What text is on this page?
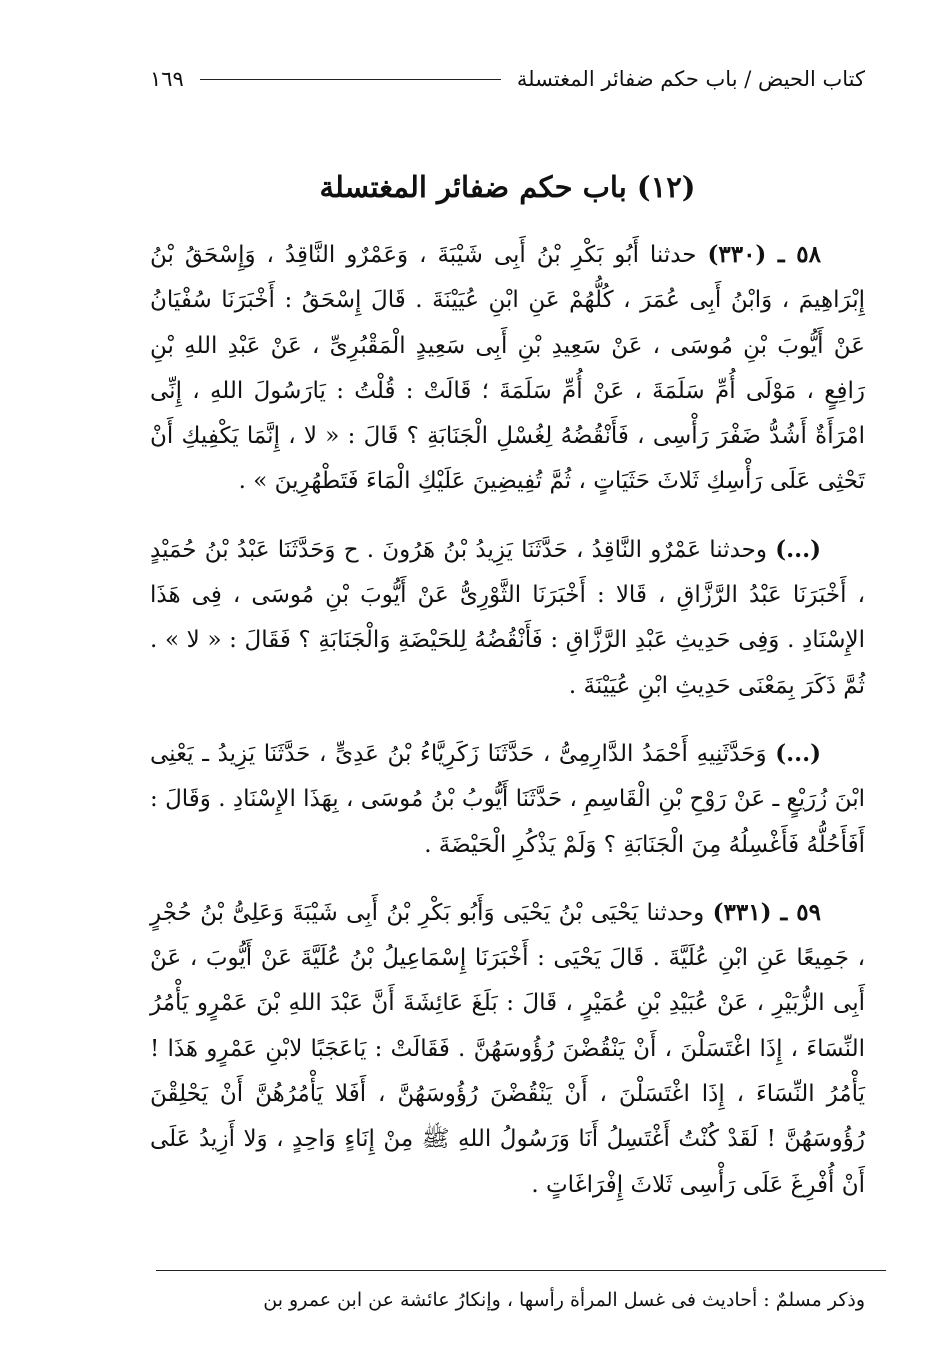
كتاب الحيض / باب حكم ضفائر المغتسلة
١٦٩
(١٢) باب حكم ضفائر المغتسلة

٥٨ ـ (٣٣٠) حدثنا أَبُو بَكْرِ بْنُ أَبِى شَيْبَةَ ، وَعَمْرٌو النَّاقِدُ ، وَإِسْحَقُ بْنُ إِبْرَاهِيمَ ، وَابْنُ أَبِى عُمَرَ ، كُلُّهُمْ عَنِ ابْنِ عُيَيْنَةَ . قَالَ إِسْحَقُ : أَخْبَرَنَا سُفْيَانُ عَنْ أَيُّوبَ بْنِ مُوسَى ، عَنْ سَعِيدِ بْنِ أَبِى سَعِيدٍ الْمَقْبُرِىِّ ، عَنْ عَبْدِ اللهِ بْنِ رَافِعٍ ، مَوْلَى أُمِّ سَلَمَةَ ، عَنْ أُمِّ سَلَمَةَ ؛ قَالَتْ : قُلْتُ : يَارَسُولَ اللهِ ، إِنِّى امْرَأَةٌ أَشُدُّ ضَفْرَ رَأْسِى ، فَأَنْقُضُهُ لِغُسْلِ الْجَنَابَةِ ؟ قَالَ : « لا ، إِنَّمَا يَكْفِيكِ أَنْ تَحْثِى عَلَى رَأْسِكِ ثَلاثَ حَثَيَاتٍ ، ثُمَّ تُفِيضِينَ عَلَيْكِ الْمَاءَ فَتَطْهُرِينَ » .

(...) وحدثنا عَمْرٌو النَّاقِدُ ، حَدَّثَنَا يَزِيدُ بْنُ هَرُونَ . ح وَحَدَّثَنَا عَبْدُ بْنُ حُمَيْدٍ ، أَخْبَرَنَا عَبْدُ الرَّزَّاقِ ، قَالا : أَخْبَرَنَا الثَّوْرِىُّ عَنْ أَيُّوبَ بْنِ مُوسَى ، فِى هَذَا الإِسْنَادِ . وَفِى حَدِيثِ عَبْدِ الرَّزَّاقِ : فَأَنْقُضُهُ لِلحَيْضَةِ وَالْجَنَابَةِ ؟ فَقَالَ : « لا » . ثُمَّ ذَكَرَ بِمَعْنَى حَدِيثِ ابْنِ عُيَيْنَةَ .

(...) وَحَدَّثَنِيهِ أَحْمَدُ الدَّارِمِىُّ ، حَدَّثَنَا زَكَرِيَّاءُ بْنُ عَدِىٍّ ، حَدَّثَنَا يَزِيدُ ـ يَعْنِى ابْنَ زُرَيْعٍ ـ عَنْ رَوْحِ بْنِ الْقَاسِمِ ، حَدَّثَنَا أَيُّوبُ بْنُ مُوسَى ، بِهَذَا الإِسْنَادِ . وَقَالَ : أَفَأَحُلُّهُ فَأَغْسِلُهُ مِنَ الْجَنَابَةِ ؟ وَلَمْ يَذْكُرِ الْحَيْضَةَ .

٥٩ ـ (٣٣١) وحدثنا يَحْيَى بْنُ يَحْيَى وَأَبُو بَكْرِ بْنُ أَبِى شَيْبَةَ وَعَلِىُّ بْنُ حُجْرٍ ، جَمِيعًا عَنِ ابْنِ عُلَيَّةَ . قَالَ يَحْيَى : أَخْبَرَنَا إِسْمَاعِيلُ بْنُ عُلَيَّةَ عَنْ أَيُّوبَ ، عَنْ أَبِى الزُّبَيْرِ ، عَنْ عُبَيْدِ بْنِ عُمَيْرٍ ، قَالَ : بَلَغَ عَائِشَةَ أَنَّ عَبْدَ اللهِ بْنَ عَمْرٍو يَأْمُرُ النِّسَاءَ ، إِذَا اغْتَسَلْنَ ، أَنْ يَنْقُضْنَ رُؤُوسَهُنَّ . فَقَالَتْ : يَاعَجَبًا لابْنِ عَمْرٍو هَذَا ! يَأْمُرُ النِّسَاءَ ، إِذَا اغْتَسَلْنَ ، أَنْ يَنْقُضْنَ رُؤُوسَهُنَّ ، أَفَلا يَأْمُرُهُنَّ أَنْ يَحْلِقْنَ رُؤُوسَهُنَّ ! لَقَدْ كُنْتُ أَغْتَسِلُ أَنَا وَرَسُولُ اللهِ ﷺ مِنْ إِنَاءٍ وَاحِدٍ ، وَلا أَزِيدُ عَلَى أَنْ أُفْرِغَ عَلَى رَأْسِى ثَلاثَ إِفْرَاغَاتٍ .

وذكر مسلمٌ : أحاديث فى غسل المرأة رأسها ، وإنكارُ عائشة عن ابن عمرو بن
